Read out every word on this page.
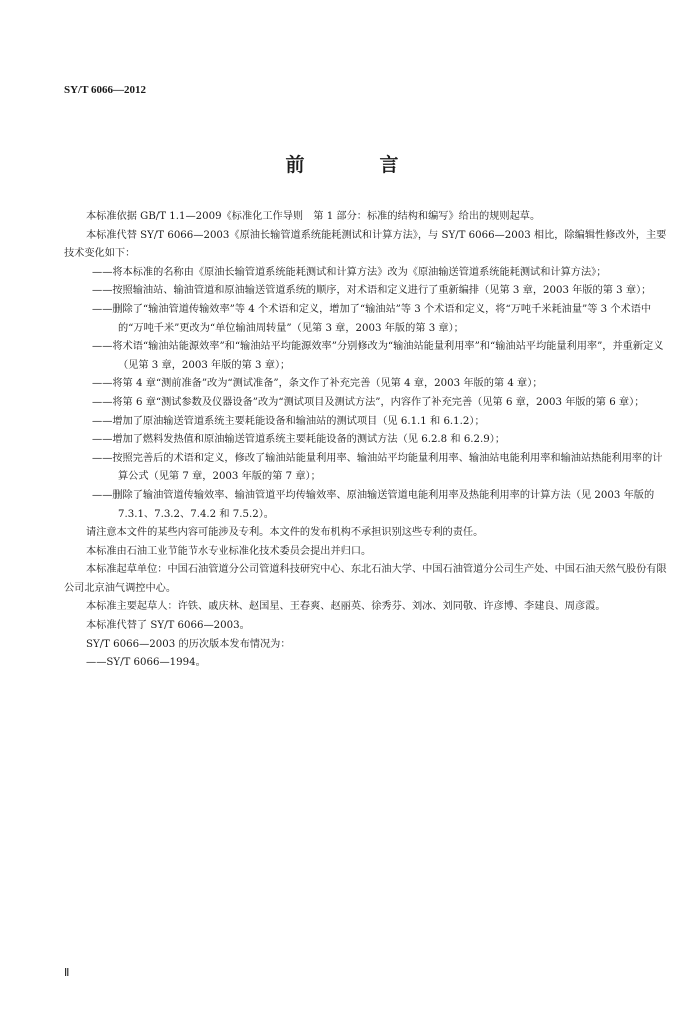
SY/T 6066—2012
前　言

本标准依据 GB/T 1.1—2009《标准化工作导则　第 1 部分：标准的结构和编写》给出的规则起草。

本标准代替 SY/T 6066—2003《原油长输管道系统能耗测试和计算方法》，与 SY/T 6066—2003 相比，除编辑性修改外，主要技术变化如下：

——将本标准的名称由《原油长输管道系统能耗测试和计算方法》改为《原油输送管道系统能耗测试和计算方法》；

——按照输油站、输油管道和原油输送管道系统的顺序，对术语和定义进行了重新编排（见第 3 章，2003 年版的第 3 章）；

——删除了“输油管道传输效率”等 4 个术语和定义，增加了“输油站”等 3 个术语和定义，将“万吨千米耗油量”等 3 个术语中的“万吨千米”更改为“单位输油周转量”（见第 3 章，2003 年版的第 3 章）；

——将术语“输油站能源效率”和“输油站平均能源效率”分别修改为“输油站能量利用率”和“输油站平均能量利用率”，并重新定义（见第 3 章，2003 年版的第 3 章）；

——将第 4 章“测前准备”改为“测试准备”，条文作了补充完善（见第 4 章，2003 年版的第 4 章）；

——将第 6 章“测试参数及仪器设备”改为“测试项目及测试方法”，内容作了补充完善（见第 6 章，2003 年版的第 6 章）；

——增加了原油输送管道系统主要耗能设备和输油站的测试项目（见 6.1.1 和 6.1.2）；

——增加了燃料发热值和原油输送管道系统主要耗能设备的测试方法（见 6.2.8 和 6.2.9）；

——按照完善后的术语和定义，修改了输油站能量利用率、输油站平均能量利用率、输油站电能利用率和输油站热能利用率的计算公式（见第 7 章，2003 年版的第 7 章）；

——删除了输油管道传输效率、输油管道平均传输效率、原油输送管道电能利用率及热能利用率的计算方法（见 2003 年版的 7.3.1、7.3.2、7.4.2 和 7.5.2）。

请注意本文件的某些内容可能涉及专利。本文件的发布机构不承担识别这些专利的责任。

本标准由石油工业节能节水专业标准化技术委员会提出并归口。

本标准起草单位：中国石油管道分公司管道科技研究中心、东北石油大学、中国石油管道分公司生产处、中国石油天然气股份有限公司北京油气调控中心。

本标准主要起草人：许铁、戚庆林、赵国星、王春爽、赵丽英、徐秀芬、刘冰、刘同敬、许彦博、李建良、周彦霞。

本标准代替了 SY/T 6066—2003。

SY/T 6066—2003 的历次版本发布情况为：

——SY/T 6066—1994。

Ⅱ
